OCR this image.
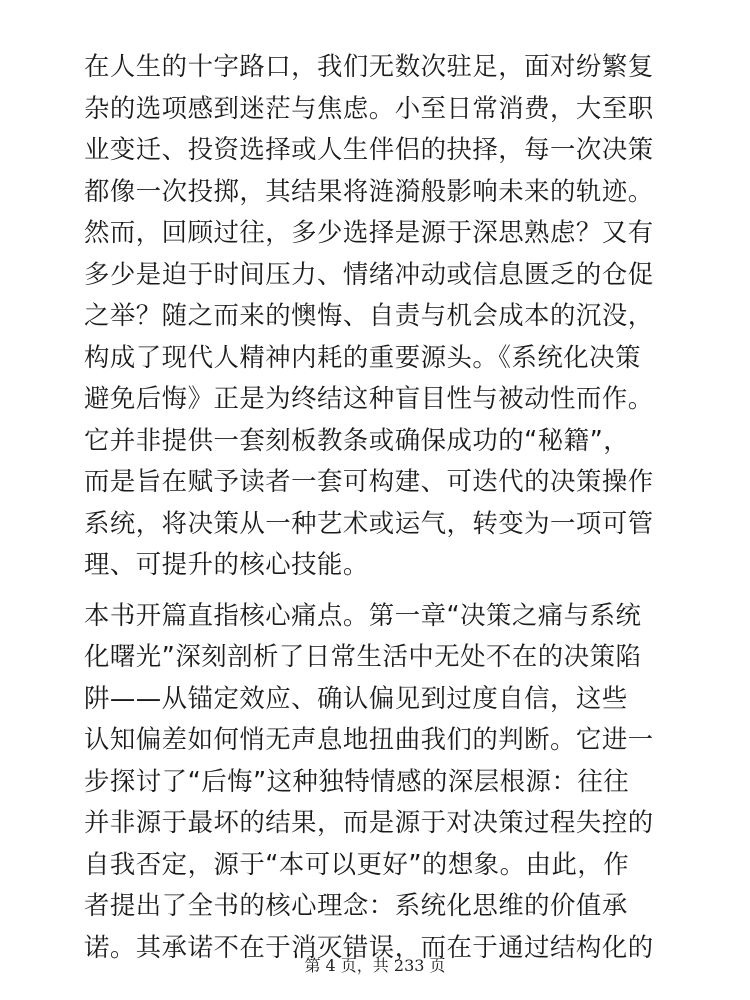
在人生的十字路口，我们无数次驻足，面对纷繁复
杂的选项感到迷茫与焦虑。小至日常消费，大至职
业变迁、投资选择或人生伴侣的抉择，每一次决策
都像一次投掷，其结果将涟漪般影响未来的轨迹。
然而，回顾过往，多少选择是源于深思熟虑？又有
多少是迫于时间压力、情绪冲动或信息匮乏的仓促
之举？随之而来的懊悔、自责与机会成本的沉没，
构成了现代人精神内耗的重要源头。《系统化决策
避免后悔》正是为终结这种盲目性与被动性而作。
它并非提供一套刻板教条或确保成功的“秘籍”，
而是旨在赋予读者一套可构建、可迭代的决策操作
系统，将决策从一种艺术或运气，转变为一项可管
理、可提升的核心技能。

本书开篇直指核心痛点。第一章“决策之痛与系统
化曙光”深刻剖析了日常生活中无处不在的决策陷
阱——从锚定效应、确认偏见到过度自信，这些
认知偏差如何悄无声息地扭曲我们的判断。它进一
步探讨了“后悔”这种独特情感的深层根源：往往
并非源于最坏的结果，而是源于对决策过程失控的
自我否定，源于“本可以更好”的想象。由此，作
者提出了全书的核心理念：系统化思维的价值承
诺。其承诺不在于消灭错误，而在于通过结构化的

第 4 页，共 233 页
